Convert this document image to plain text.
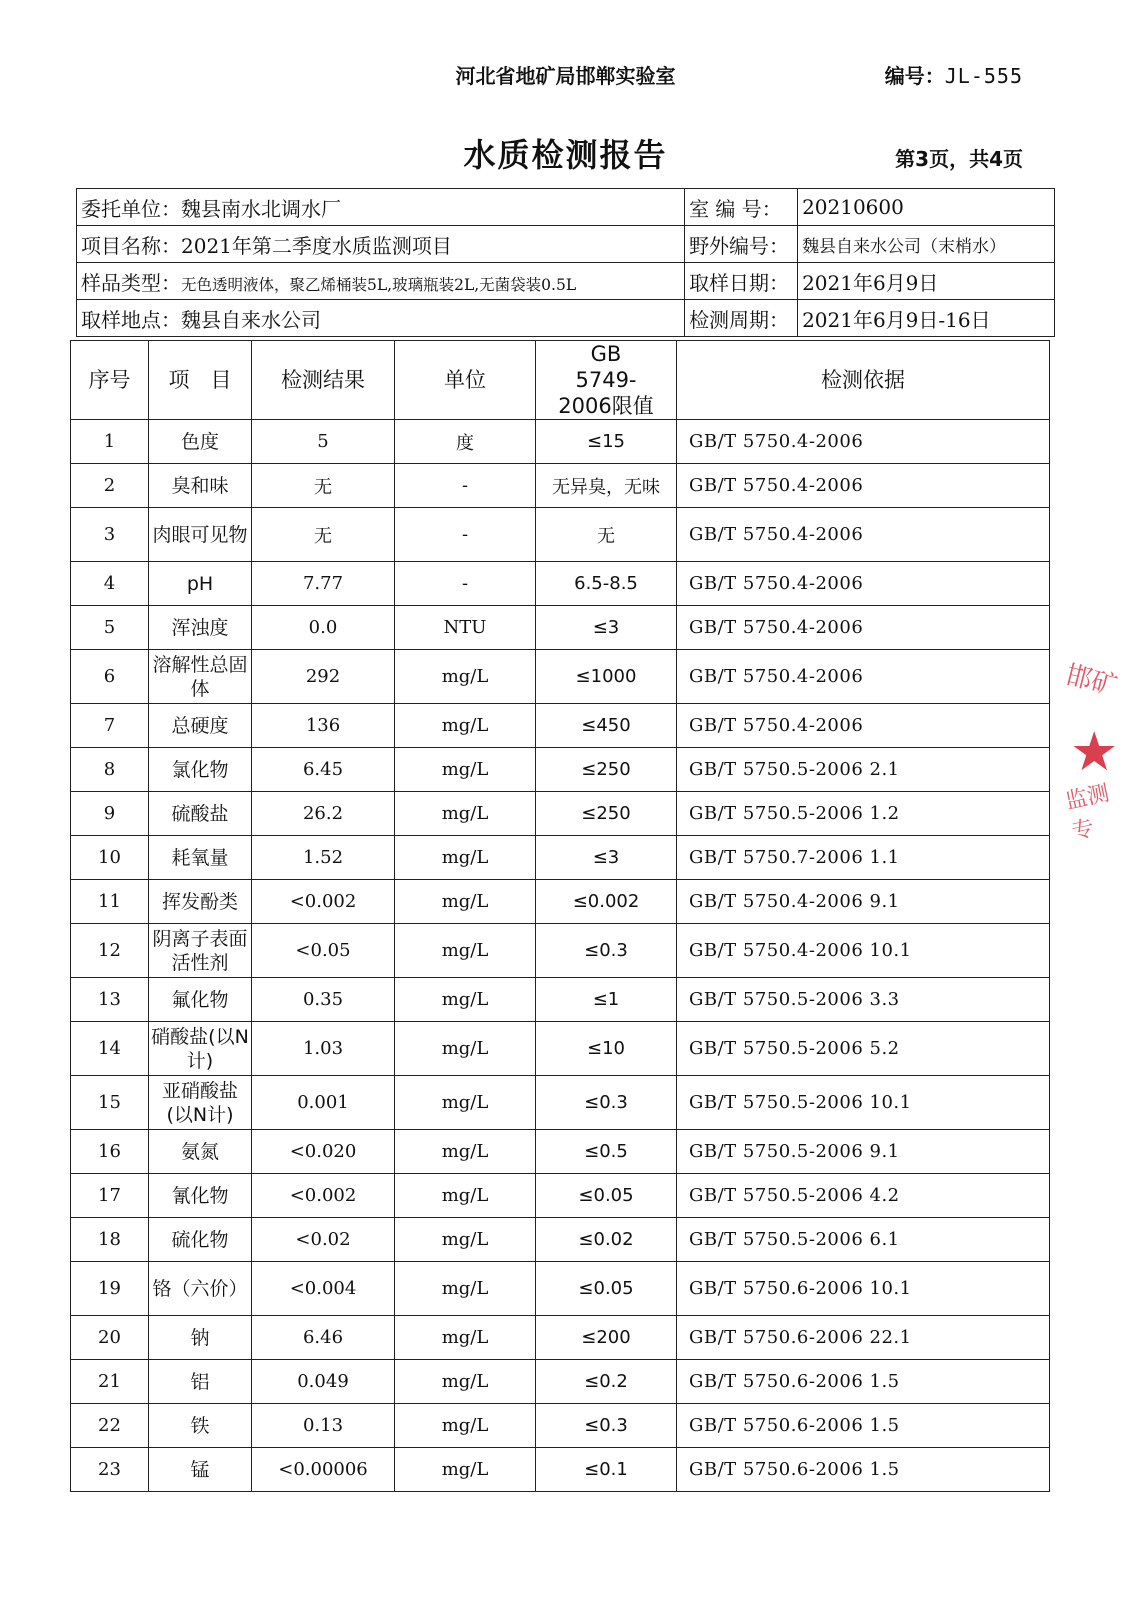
河北省地矿局邯郸实验室	编号：JL-555
水质检测报告	第3页，共4页
委托单位：魏县南水北调水厂	室 编 号：	20210600
项目名称：2021年第二季度水质监测项目	野外编号：	魏县自来水公司（末梢水）
样品类型：无色透明液体，聚乙烯桶装5L,玻璃瓶装2L,无菌袋装0.5L	取样日期：	2021年6月9日
取样地点：魏县自来水公司	检测周期：	2021年6月9日-16日
序号	项　目	检测结果	单位	GB 5749-2006限值	检测依据
1	色度	5	度	≤15	GB/T 5750.4-2006
2	臭和味	无	-	无异臭，无味	GB/T 5750.4-2006
3	肉眼可见物	无	-	无	GB/T 5750.4-2006
4	pH	7.77	-	6.5-8.5	GB/T 5750.4-2006
5	浑浊度	0.0	NTU	≤3	GB/T 5750.4-2006
6	溶解性总固体	292	mg/L	≤1000	GB/T 5750.4-2006
7	总硬度	136	mg/L	≤450	GB/T 5750.4-2006
8	氯化物	6.45	mg/L	≤250	GB/T 5750.5-2006 2.1
9	硫酸盐	26.2	mg/L	≤250	GB/T 5750.5-2006 1.2
10	耗氧量	1.52	mg/L	≤3	GB/T 5750.7-2006 1.1
11	挥发酚类	<0.002	mg/L	≤0.002	GB/T 5750.4-2006 9.1
12	阴离子表面活性剂	<0.05	mg/L	≤0.3	GB/T 5750.4-2006 10.1
13	氟化物	0.35	mg/L	≤1	GB/T 5750.5-2006 3.3
14	硝酸盐(以N计)	1.03	mg/L	≤10	GB/T 5750.5-2006 5.2
15	亚硝酸盐(以N计)	0.001	mg/L	≤0.3	GB/T 5750.5-2006 10.1
16	氨氮	<0.020	mg/L	≤0.5	GB/T 5750.5-2006 9.1
17	氰化物	<0.002	mg/L	≤0.05	GB/T 5750.5-2006 4.2
18	硫化物	<0.02	mg/L	≤0.02	GB/T 5750.5-2006 6.1
19	铬（六价）	<0.004	mg/L	≤0.05	GB/T 5750.6-2006 10.1
20	钠	6.46	mg/L	≤200	GB/T 5750.6-2006 22.1
21	铝	0.049	mg/L	≤0.2	GB/T 5750.6-2006 1.5
22	铁	0.13	mg/L	≤0.3	GB/T 5750.6-2006 1.5
23	锰	<0.00006	mg/L	≤0.1	GB/T 5750.6-2006 1.5
邯矿
★
监测专
